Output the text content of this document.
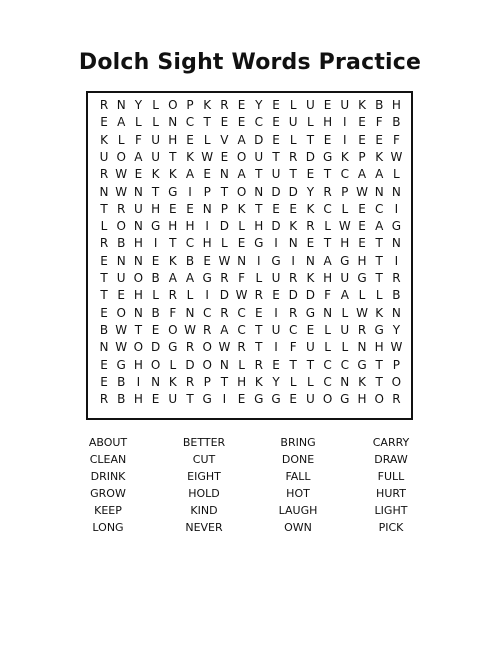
Dolch Sight Words Practice
R N Y L O P K R E Y E L U E U K B H
E A L L N C T E E C E U L H I E F B
K L F U H E L V A D E L T E I E E F
U O A U T K W E O U T R D G K P K W
R W E K K A E N A T U T E T C A A L
N W N T G I P T O N D D Y R P W N N
T R U H E E N P K T E E K C L E C I
L O N G H H I D L H D K R L W E A G
R B H I T C H L E G I N E T H E T N
E N N E K B E W N I G I N A G H T I
T U O B A A G R F L U R K H U G T R
T E H L R L	I D W R E D D F A L L B
E O N B F N C R C E I R G N L W K N
B W T E O W R A C T U C E L U R G Y
N W O D G R O W R T I F U L L N H W
E G H O L D O N L R E T T C C G T P
E B I N K R P T H K Y L L C N K T O
R B H E U T G I E G G E U O G H O R
ABOUT	BETTER	BRING	CARRY
CLEAN	CUT	DONE	DRAW
DRINK	EIGHT	FALL	FULL
GROW	HOLD	HOT	HURT
KEEP	KIND	LAUGH	LIGHT
LONG	NEVER	OWN	PICK
